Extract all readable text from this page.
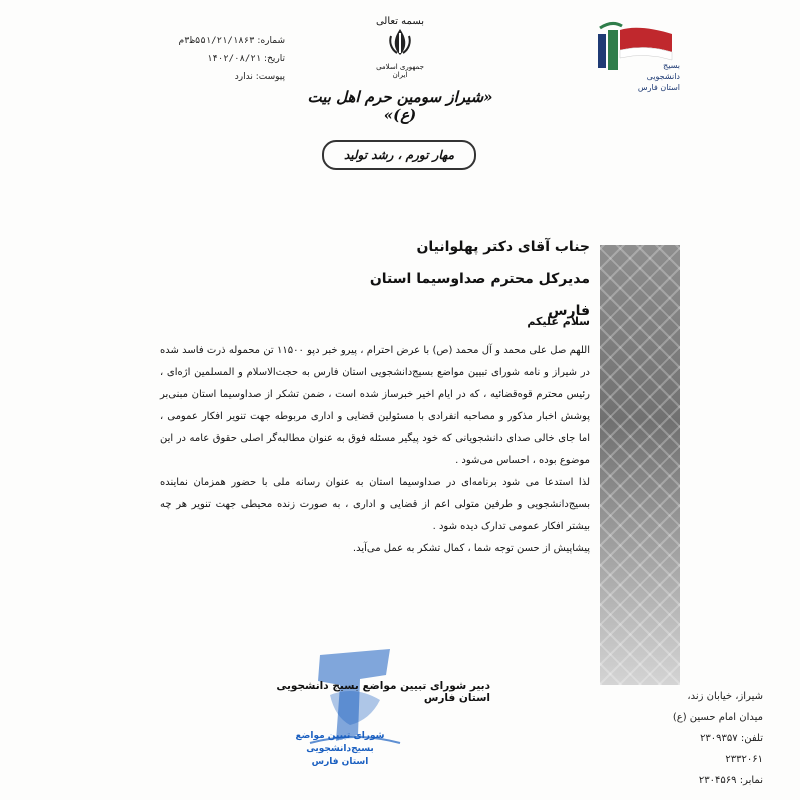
شماره: ۵۵۱/۲۱/۱۸۶۳ظ۳م
تاریخ: ۱۴۰۲/۰۸/۲۱
پیوست: ندارد
بسمه تعالی
جمهوری اسلامی ایران
«شیراز سومین حرم اهل بیت (ع)»
مهار تورم ، رشد تولید
بسیج
دانشجویی
استان فارس
جناب آقای دکتر پهلوانیان
مدیرکل محترم صداوسیما استان فارس
سلام علیکم

اللهم صل علی محمد و آل محمد (ص) با عرض احترام ، پیرو خبر دپو ۱۱۵۰۰ تن محموله ذرت فاسد شده در شیراز و نامه شورای تبیین مواضع بسیج‌دانشجویی استان فارس به حجت‌الاسلام و المسلمین اژه‌ای ، رئیس محترم قوه‌قضائیه ، که در ایام اخیر خبرساز شده است ، ضمن تشکر از صداوسیما استان مبنی‌بر پوشش اخبار مذکور و مصاحبه انفرادی با مسئولین قضایی و اداری مربوطه جهت تنویر افکار عمومی ، اما جای خالی صدای دانشجویانی که خود پیگیر مسئله فوق به عنوان مطالبه‌گر اصلی حقوق عامه در این موضوع بوده ، احساس می‌شود .

لذا استدعا می شود برنامه‌ای در صداوسیما استان به عنوان رسانه ملی با حضور همزمان نماینده بسیج‌دانشجویی و طرفین متولی اعم از قضایی و اداری ، به صورت زنده محیطی جهت تنویر هر چه بیشتر افکار عمومی تدارک دیده شود .

پیشاپیش از حسن توجه شما ، کمال تشکر به عمل می‌آید.

دبیر شورای تبیین مواضع بسیج دانشجویی استان فارس
شورای تبیین مواضع
بسیج‌دانشجویی استان فارس
شیراز، خیابان زند،
میدان امام حسین (ع)
تلفن: ۲۳۰۹۳۵۷
۲۳۳۲۰۶۱
نمابر: ۲۳۰۴۵۶۹
